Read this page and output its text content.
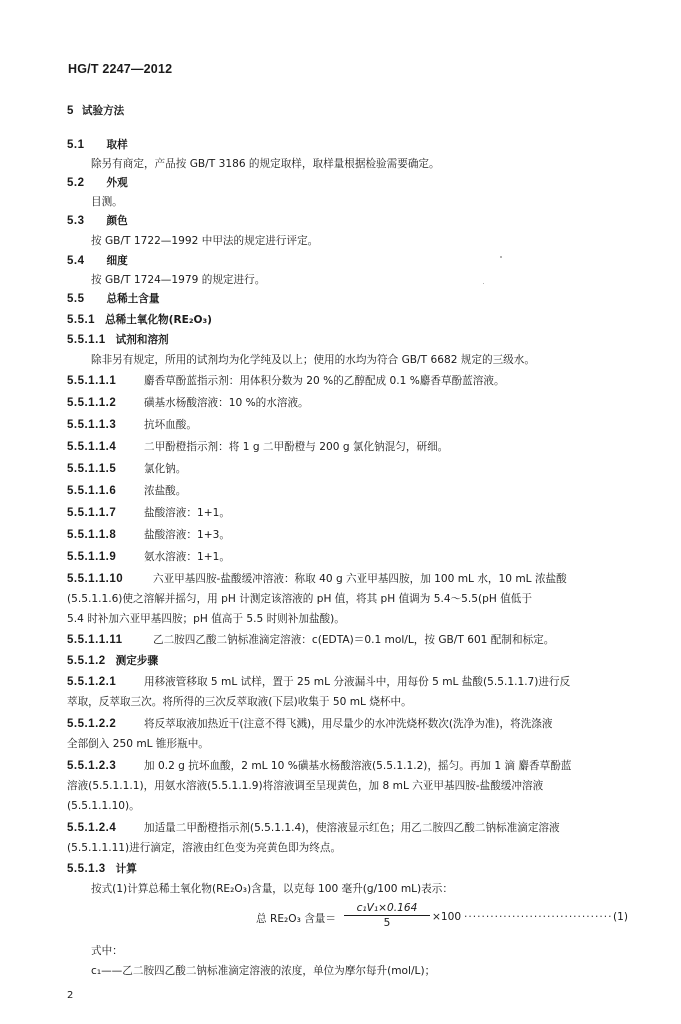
HG/T 2247—2012
5 试验方法
5.1 取样
除另有商定，产品按 GB/T 3186 的规定取样，取样量根据检验需要确定。
5.2 外观
目测。
5.3 颜色
按 GB/T 1722—1992 中甲法的规定进行评定。
5.4 细度
按 GB/T 1724—1979 的规定进行。
5.5 总稀土含量
5.5.1 总稀土氧化物(RE₂O₃)
5.5.1.1 试剂和溶剂
除非另有规定，所用的试剂均为化学纯及以上；使用的水均为符合 GB/T 6682 规定的三级水。
5.5.1.1.1	麝香草酚蓝指示剂：用体积分数为 20 %的乙醇配成 0.1 %麝香草酚蓝溶液。
5.5.1.1.2	磺基水杨酸溶液：10 %的水溶液。
5.5.1.1.3	抗坏血酸。
5.5.1.1.4	二甲酚橙指示剂：将 1 g 二甲酚橙与 200 g 氯化钠混匀，研细。
5.5.1.1.5	氯化钠。
5.5.1.1.6	浓盐酸。
5.5.1.1.7	盐酸溶液：1+1。
5.5.1.1.8	盐酸溶液：1+3。
5.5.1.1.9	氨水溶液：1+1。
5.5.1.1.10	六亚甲基四胺-盐酸缓冲溶液：称取 40 g 六亚甲基四胺，加 100 mL 水，10 mL 浓盐酸
(5.5.1.1.6)使之溶解并摇匀，用 pH 计测定该溶液的 pH 值，将其 pH 值调为 5.4～5.5(pH 值低于
5.4 时补加六亚甲基四胺；pH 值高于 5.5 时则补加盐酸)。
5.5.1.1.11	乙二胺四乙酸二钠标准滴定溶液：c(EDTA)＝0.1 mol/L，按 GB/T 601 配制和标定。
5.5.1.2 测定步骤
5.5.1.2.1	用移液管移取 5 mL 试样，置于 25 mL 分液漏斗中，用每份 5 mL 盐酸(5.5.1.1.7)进行反
萃取，反萃取三次。将所得的三次反萃取液(下层)收集于 50 mL 烧杯中。
5.5.1.2.2	将反萃取液加热近干(注意不得飞溅)，用尽量少的水冲洗烧杯数次(洗净为准)，将洗涤液
全部倒入 250 mL 锥形瓶中。
5.5.1.2.3	加 0.2 g 抗坏血酸，2 mL 10 %磺基水杨酸溶液(5.5.1.1.2)，摇匀。再加 1 滴 麝香草酚蓝
溶液(5.5.1.1.1)，用氨水溶液(5.5.1.1.9)将溶液调至呈现黄色，加 8 mL 六亚甲基四胺-盐酸缓冲溶液
(5.5.1.1.10)。
5.5.1.2.4	加适量二甲酚橙指示剂(5.5.1.1.4)，使溶液显示红色；用乙二胺四乙酸二钠标准滴定溶液
(5.5.1.1.11)进行滴定，溶液由红色变为亮黄色即为终点。
5.5.1.3 计算
按式(1)计算总稀土氧化物(RE₂O₃)含量，以克每 100 毫升(g/100 mL)表示：
总 RE₂O₃ 含量＝ $\frac{\text{c₁V₁×0.164}}{5} \times 100$ ·································· (1)
式中：
c₁——乙二胺四乙酸二钠标准滴定溶液的浓度，单位为摩尔每升(mol/L)；
2
